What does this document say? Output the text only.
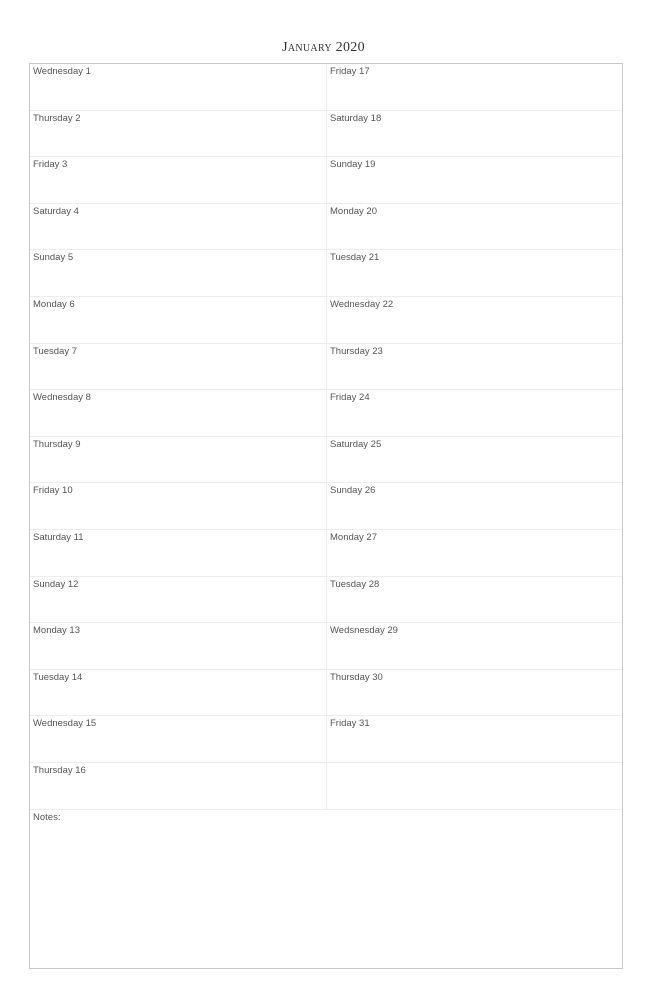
January 2020
Wednesday 1
Thursday 2
Friday 3
Saturday 4
Sunday 5
Monday 6
Tuesday 7
Wednesday 8
Thursday 9
Friday 10
Saturday 11
Sunday 12
Monday 13
Tuesday 14
Wednesday 15
Thursday 16
Friday 17
Saturday 18
Sunday 19
Monday 20
Tuesday 21
Wednesday 22
Thursday 23
Friday 24
Saturday 25
Sunday 26
Monday 27
Tuesday 28
Wedsnesday 29
Thursday 30
Friday 31
Notes:
